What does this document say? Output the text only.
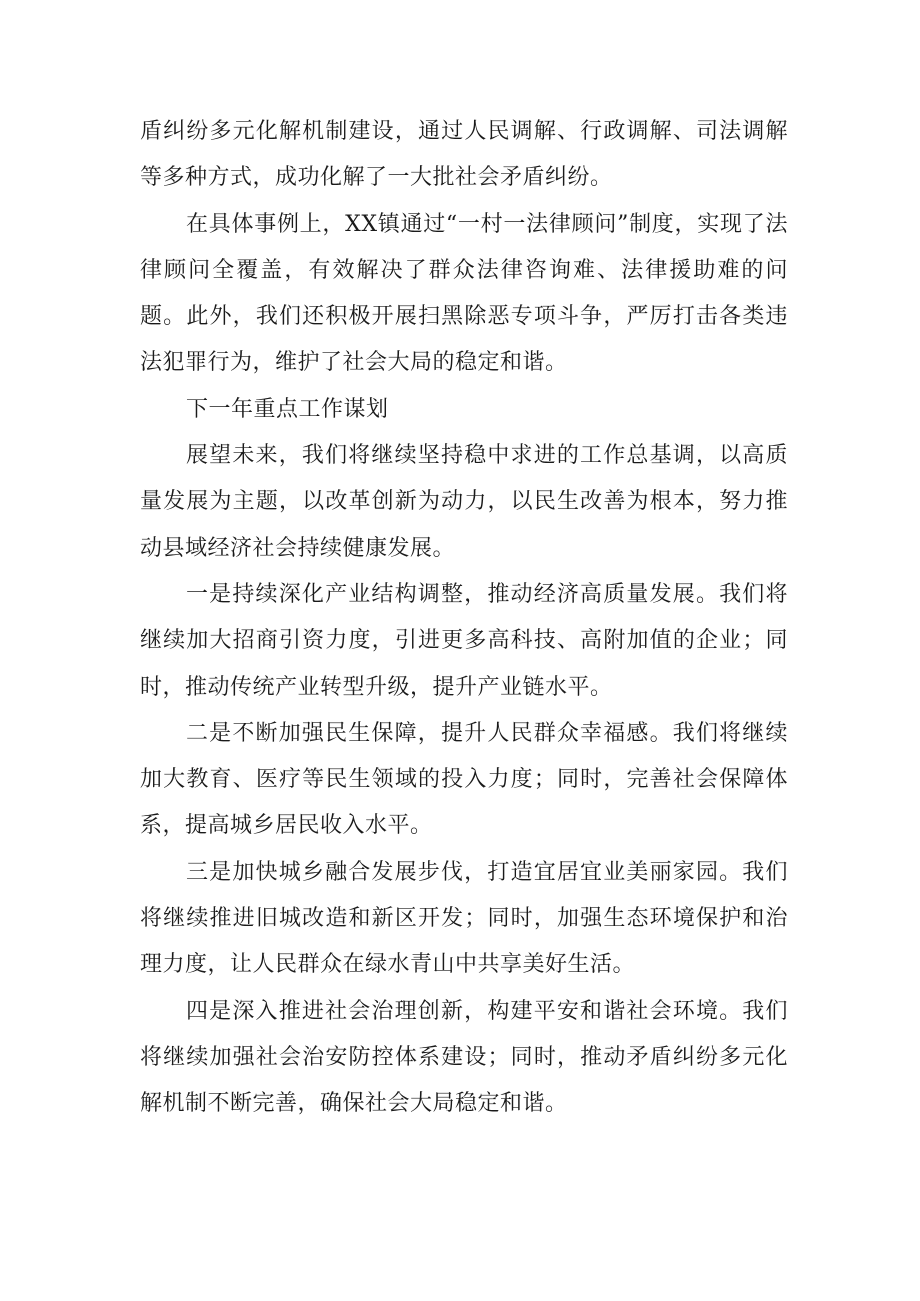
盾纠纷多元化解机制建设，通过人民调解、行政调解、司法调解等多种方式，成功化解了一大批社会矛盾纠纷。

在具体事例上，XX镇通过“一村一法律顾问”制度，实现了法律顾问全覆盖，有效解决了群众法律咨询难、法律援助难的问题。此外，我们还积极开展扫黑除恶专项斗争，严厉打击各类违法犯罪行为，维护了社会大局的稳定和谐。

下一年重点工作谋划

展望未来，我们将继续坚持稳中求进的工作总基调，以高质量发展为主题，以改革创新为动力，以民生改善为根本，努力推动县域经济社会持续健康发展。

一是持续深化产业结构调整，推动经济高质量发展。我们将继续加大招商引资力度，引进更多高科技、高附加值的企业；同时，推动传统产业转型升级，提升产业链水平。

二是不断加强民生保障，提升人民群众幸福感。我们将继续加大教育、医疗等民生领域的投入力度；同时，完善社会保障体系，提高城乡居民收入水平。

三是加快城乡融合发展步伐，打造宜居宜业美丽家园。我们将继续推进旧城改造和新区开发；同时，加强生态环境保护和治理力度，让人民群众在绿水青山中共享美好生活。

四是深入推进社会治理创新，构建平安和谐社会环境。我们将继续加强社会治安防控体系建设；同时，推动矛盾纠纷多元化解机制不断完善，确保社会大局稳定和谐。
